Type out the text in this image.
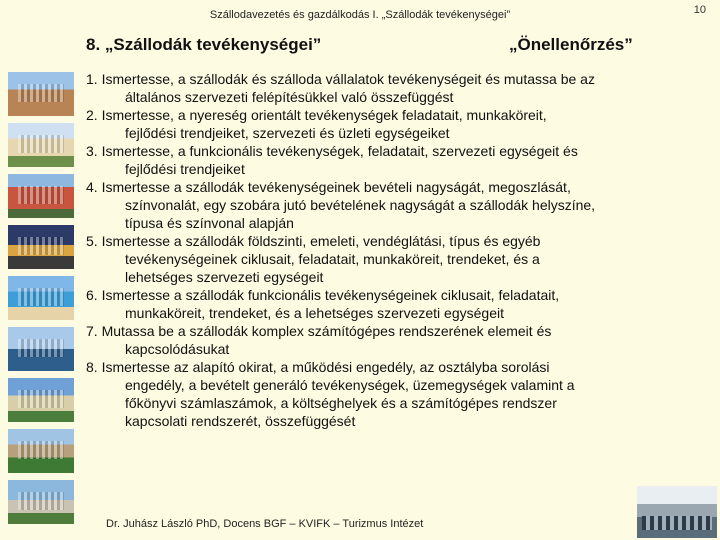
Szállodavezetés és gazdálkodás I. „Szállodák tevékenységei”	10
8. „Szállodák tevékenységei”	„Önellenőrzés”
1. Ismertesse, a szállodák és szálloda vállalatok tevékenységeit és mutassa be az
általános szervezeti felépítésükkel való összefüggést
2. Ismertesse, a nyereség orientált tevékenységek feladatait, munkaköreit,
fejlődési trendjeiket, szervezeti és üzleti egységeiket
3. Ismertesse, a funkcionális tevékenységek, feladatait, szervezeti egységeit és
fejlődési trendjeiket
4. Ismertesse a szállodák tevékenységeinek bevételi nagyságát, megoszlását,
színvonalát, egy szobára jutó bevételének nagyságát a szállodák helyszíne,
típusa és színvonal alapján
5. Ismertesse a szállodák földszinti, emeleti, vendéglátási, típus és egyéb
tevékenységeinek ciklusait, feladatait, munkaköreit, trendeket, és a
lehetséges szervezeti egységeit
6. Ismertesse a szállodák funkcionális tevékenységeinek ciklusait, feladatait,
munkaköreit, trendeket, és a lehetséges szervezeti egységeit
7. Mutassa be a szállodák komplex számítógépes rendszerének elemeit és
kapcsolódásukat
8. Ismertesse az alapító okirat, a működési engedély, az osztályba sorolási
engedély, a bevételt generáló tevékenységek, üzemegységek valamint a
főkönyvi számlaszámok, a költséghelyek és a számítógépes rendszer
kapcsolati rendszerét, összefüggését
Dr. Juhász László PhD, Docens BGF – KVIFK – Turizmus Intézet
